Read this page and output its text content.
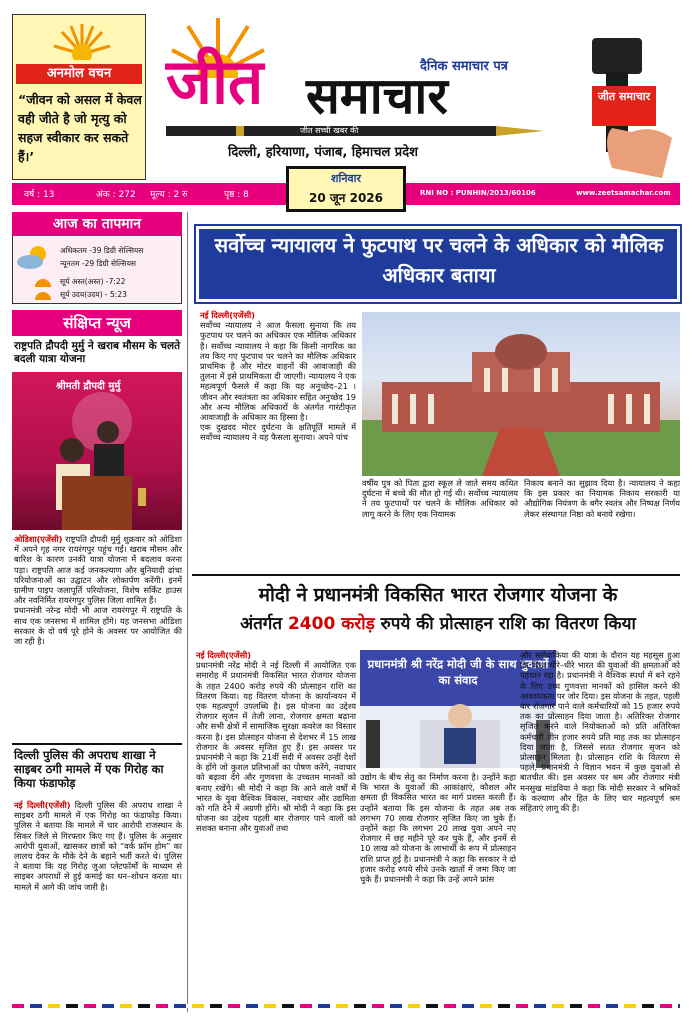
अनमोल वचन
“जीवन को असल में केवल वही जीते है जो मृत्यु को सहज स्वीकार कर सकते हैं।’
जीत	दैनिक समाचार पत्र
समाचार
जीत सच्ची खबर की
दिल्ली, हरियाणा, पंजाब, हिमाचल प्रदेश
जीत समाचार
वर्ष : 13	अंक : 272 मूल्य : 2 रु	पृष्ठ : 8
शनिवार
20 जून 2026	RNI NO : PUNHIN/2013/60106	www.zeetsamachar.com
आज का तापमान
अधिकतम -39 डिग्री सेल्सियस
न्यूनतम -29 डिग्री सेल्सियस
सूर्य अस्त(अस्त) -7:22
सूर्य उदय(उदय) - 5:23
संक्षिप्त न्यूज
राष्ट्रपति द्रौपदी मुर्मु ने खराब मौसम के चलते बदली यात्रा योजना
श्रीमती द्रौपदी मुर्मु
ओडिशा(एजेंसी) राष्ट्रपति द्रौपदी मुर्मु शुक्रवार को ओडिशा में अपने गृह नगर रायरंगपुर पहुंच गईं। खराब मौसम और बारिश के कारण उनकी यात्रा योजना में बदलाव करना पड़ा। राष्ट्रपति आज कई जनकल्याण और बुनियादी ढांचा परियोजनाओं का उद्घाटन और लोकार्पण करेंगी। इनमें ग्रामीण पाइप जलापूर्ति परियोजना, विशेष सर्किट हाउस और नवनिर्मित रायरंगपुर पुलिस जिला शामिल हैं।
प्रधानमंत्री नरेन्द्र मोदी भी आज रायरंगपुर में राष्ट्रपति के साथ एक जनसभा में शामिल होंगे। यह जनसभा ओडिशा सरकार के दो वर्ष पूरे होने के अवसर पर आयोजित की जा रही है।
दिल्ली पुलिस की अपराध शाखा ने साइबर ठगी मामले में एक गिरोह का किया फंडाफोड़
नई दिल्ली(एजेंसी) दिल्ली पुलिस की अपराध शाखा ने साइबर ठगी मामले में एक गिरोह का फंडाफोड़ किया। पुलिस ने बताया कि मामले में चार आरोपी राजस्थान के सिकर जिले से गिरफ्तार किए गए हैं। पुलिस के अनुसार आरोपी युवाओं, खासकर छात्रों को “वर्क फ्रॉम होम” का लालच देकर के मौके देने के बहाने भर्ती करते थे। पुलिस ने बताया कि यह गिरोह जुआ प्लेटफॉर्मों के माध्यम से साइबर अपराधों से हुई कमाई का धन–शोधन करता था। मामले में आगे की जांच जारी है।
सर्वोच्च न्यायालय ने फुटपाथ पर चलने के अधिकार को मौलिक अधिकार बताया
नई दिल्ली(एजेंसी)
सर्वोच्च न्यायालय ने आज फैसला सुनाया कि तय फुटपाथ पर चलने का अधिकार एक मौलिक अधिकार है। सर्वोच्च न्यायालय ने कहा कि किसी नागरिक का तय किए गए फुटपाथ पर चलने का मौलिक अधिकार प्राथमिक है और मोटर वाहनों की आवाजाही की तुलना में इसे प्राथमिकता दी जाएगी। न्यायालय ने एक महत्वपूर्ण फैसले में कहा कि यह अनुच्छेद–21 । जीवन और स्वतंत्रता का अधिकार सहित अनुच्छेद 19 और अन्य मौलिक अधिकारों के अंतर्गत गारंटीकृत आवाजाही के अधिकार का हिस्सा है।
एक दुखदद मोटर दुर्घटना के क्षतिपूर्ति मामले में सर्वोच्च न्यायालय ने यह फैसला सुनाया। अपने पांच
वर्षीय पुत्र को पिता द्वारा स्कूल ले जाते समय कथित दुर्घटना में बच्चे की मौत हो गई थी। सर्वोच्च न्यायालय ने तय फुटपाथों पर चलने के मौलिक अधिकार को लागू करने के लिए एक नियामक
निकाय बनाने का सुझाव दिया है। न्यायालय ने कहा कि इस प्रकार का नियामक निकाय सरकारी या औद्योगिक नियंत्रण के बगैर स्वतंत्र और निष्पक्ष निर्णय लेकर संस्थागत निष्ठा को बनाये रखेगा।
मोदी ने प्रधानमंत्री विकसित भारत रोजगार योजना के
अंतर्गत 2400 करोड़ रुपये की प्रोत्साहन राशि का वितरण किया
नई दिल्ली(एजेंसी)
प्रधानमंत्री नरेंद्र मोदी ने नई दिल्ली में आयोजित एक समारोह में प्रधानमंत्री विकसित भारत रोजगार योजना के तहत 2400 करोड़ रुपये की प्रोत्साहन राशि का वितरण किया। यह वितरण योजना के कार्यान्वयन में एक महत्वपूर्ण उपलब्धि है। इस योजना का उद्देश्य रोजगार सृजन में तेजी लाना, रोजगार क्षमता बढ़ाना और सभी क्षेत्रों में सामाजिक सुरक्षा कवरेज का विस्तार करना है। इस प्रोत्साहन योजना से देशभर में 15 लाख रोजगार के अवसर सृजित हुए हैं। इस अवसर पर प्रधानमंत्री ने कहा कि 21वीं सदी में अवसर उन्हीं देशों के होंगे जो कुशल प्रतिभाओं का पोषण करेंगे, नवाचार को बढ़ावा देंगे और गुणवत्ता के उच्चतम मानकों को बनाए रखेंगे। श्री मोदी ने कहा कि आने वाले वर्षों में भारत के युवा वैश्विक विकास, नवाचार और उद्यमिता को गति देने में अग्रणी होंगे। श्री मोदी ने कहा कि इस योजना का उद्देश्य पहली बार रोजगार पाने वालों को सशक्त बनाना और युवाओं तथा
प्रधानमंत्री श्री नरेंद्र मोदी जी के साथ युवाओं का संवाद
उद्योग के बीच सेतु का निर्माण करना है। उन्होंने कहा कि भारत के युवाओं की आकांक्षाएं, कौशल और क्षमता ही विकसित भारत का मार्ग प्रशस्त करती हैं। उन्होंने बताया कि इस योजना के तहत अब तक लगभग 70 लाख रोजगार सृजित किए जा चुके हैं। उन्होंने कहा कि लगभग 20 लाख युवा अपने नए रोजगार में छह महीने पूरे कर चुके हैं, और इनमें से 10 लाख को योजना के लाभार्थी के रूप में प्रोत्साहन राशि प्राप्त हुई है। प्रधानमंत्री ने कहा कि सरकार ने दो हजार करोड़ रुपये सीधे उनके खातों में जमा किए जा चुके हैं। प्रधानमंत्री ने कहा कि उन्हें अपने फ्रांस
और स्लोवाकिया की यात्रा के दौरान यह महसूस हुआ कि विश्व धीरे–धीरे भारत की युवाओं की क्षमताओं को पहचान रहा है। प्रधानमंत्री ने वैश्विक स्पर्धा में बने रहने के लिए उच्च गुणवत्ता मानकों को हासिल करने की आवश्यकता पर जोर दिया। इस योजना के तहत, पहली बार रोजगार पाने वाले कर्मचारियों को 15 हजार रुपये तक का प्रोत्साहन दिया जाता है। अतिरिक्त रोजगार सृजित करने वाले नियोक्ताओं को प्रति अतिरिक्त कर्मचारी तीन हजार रुपये प्रति माह तक का प्रोत्साहन दिया जाता है, जिससे सतत रोजगार सृजन को प्रोत्साहन मिलता है। प्रोत्साहन राशि के वितरण से पहले, प्रधानमंत्री ने विज्ञान भवन में कुछ युवाओं से बातचीत की। इस अवसर पर श्रम और रोजगार मंत्री मनसुख मांडविया ने कहा कि मोदी सरकार ने श्रमिकों के कल्याण और हित के लिए चार महत्वपूर्ण श्रम संहिताएं लागू की हैं।
